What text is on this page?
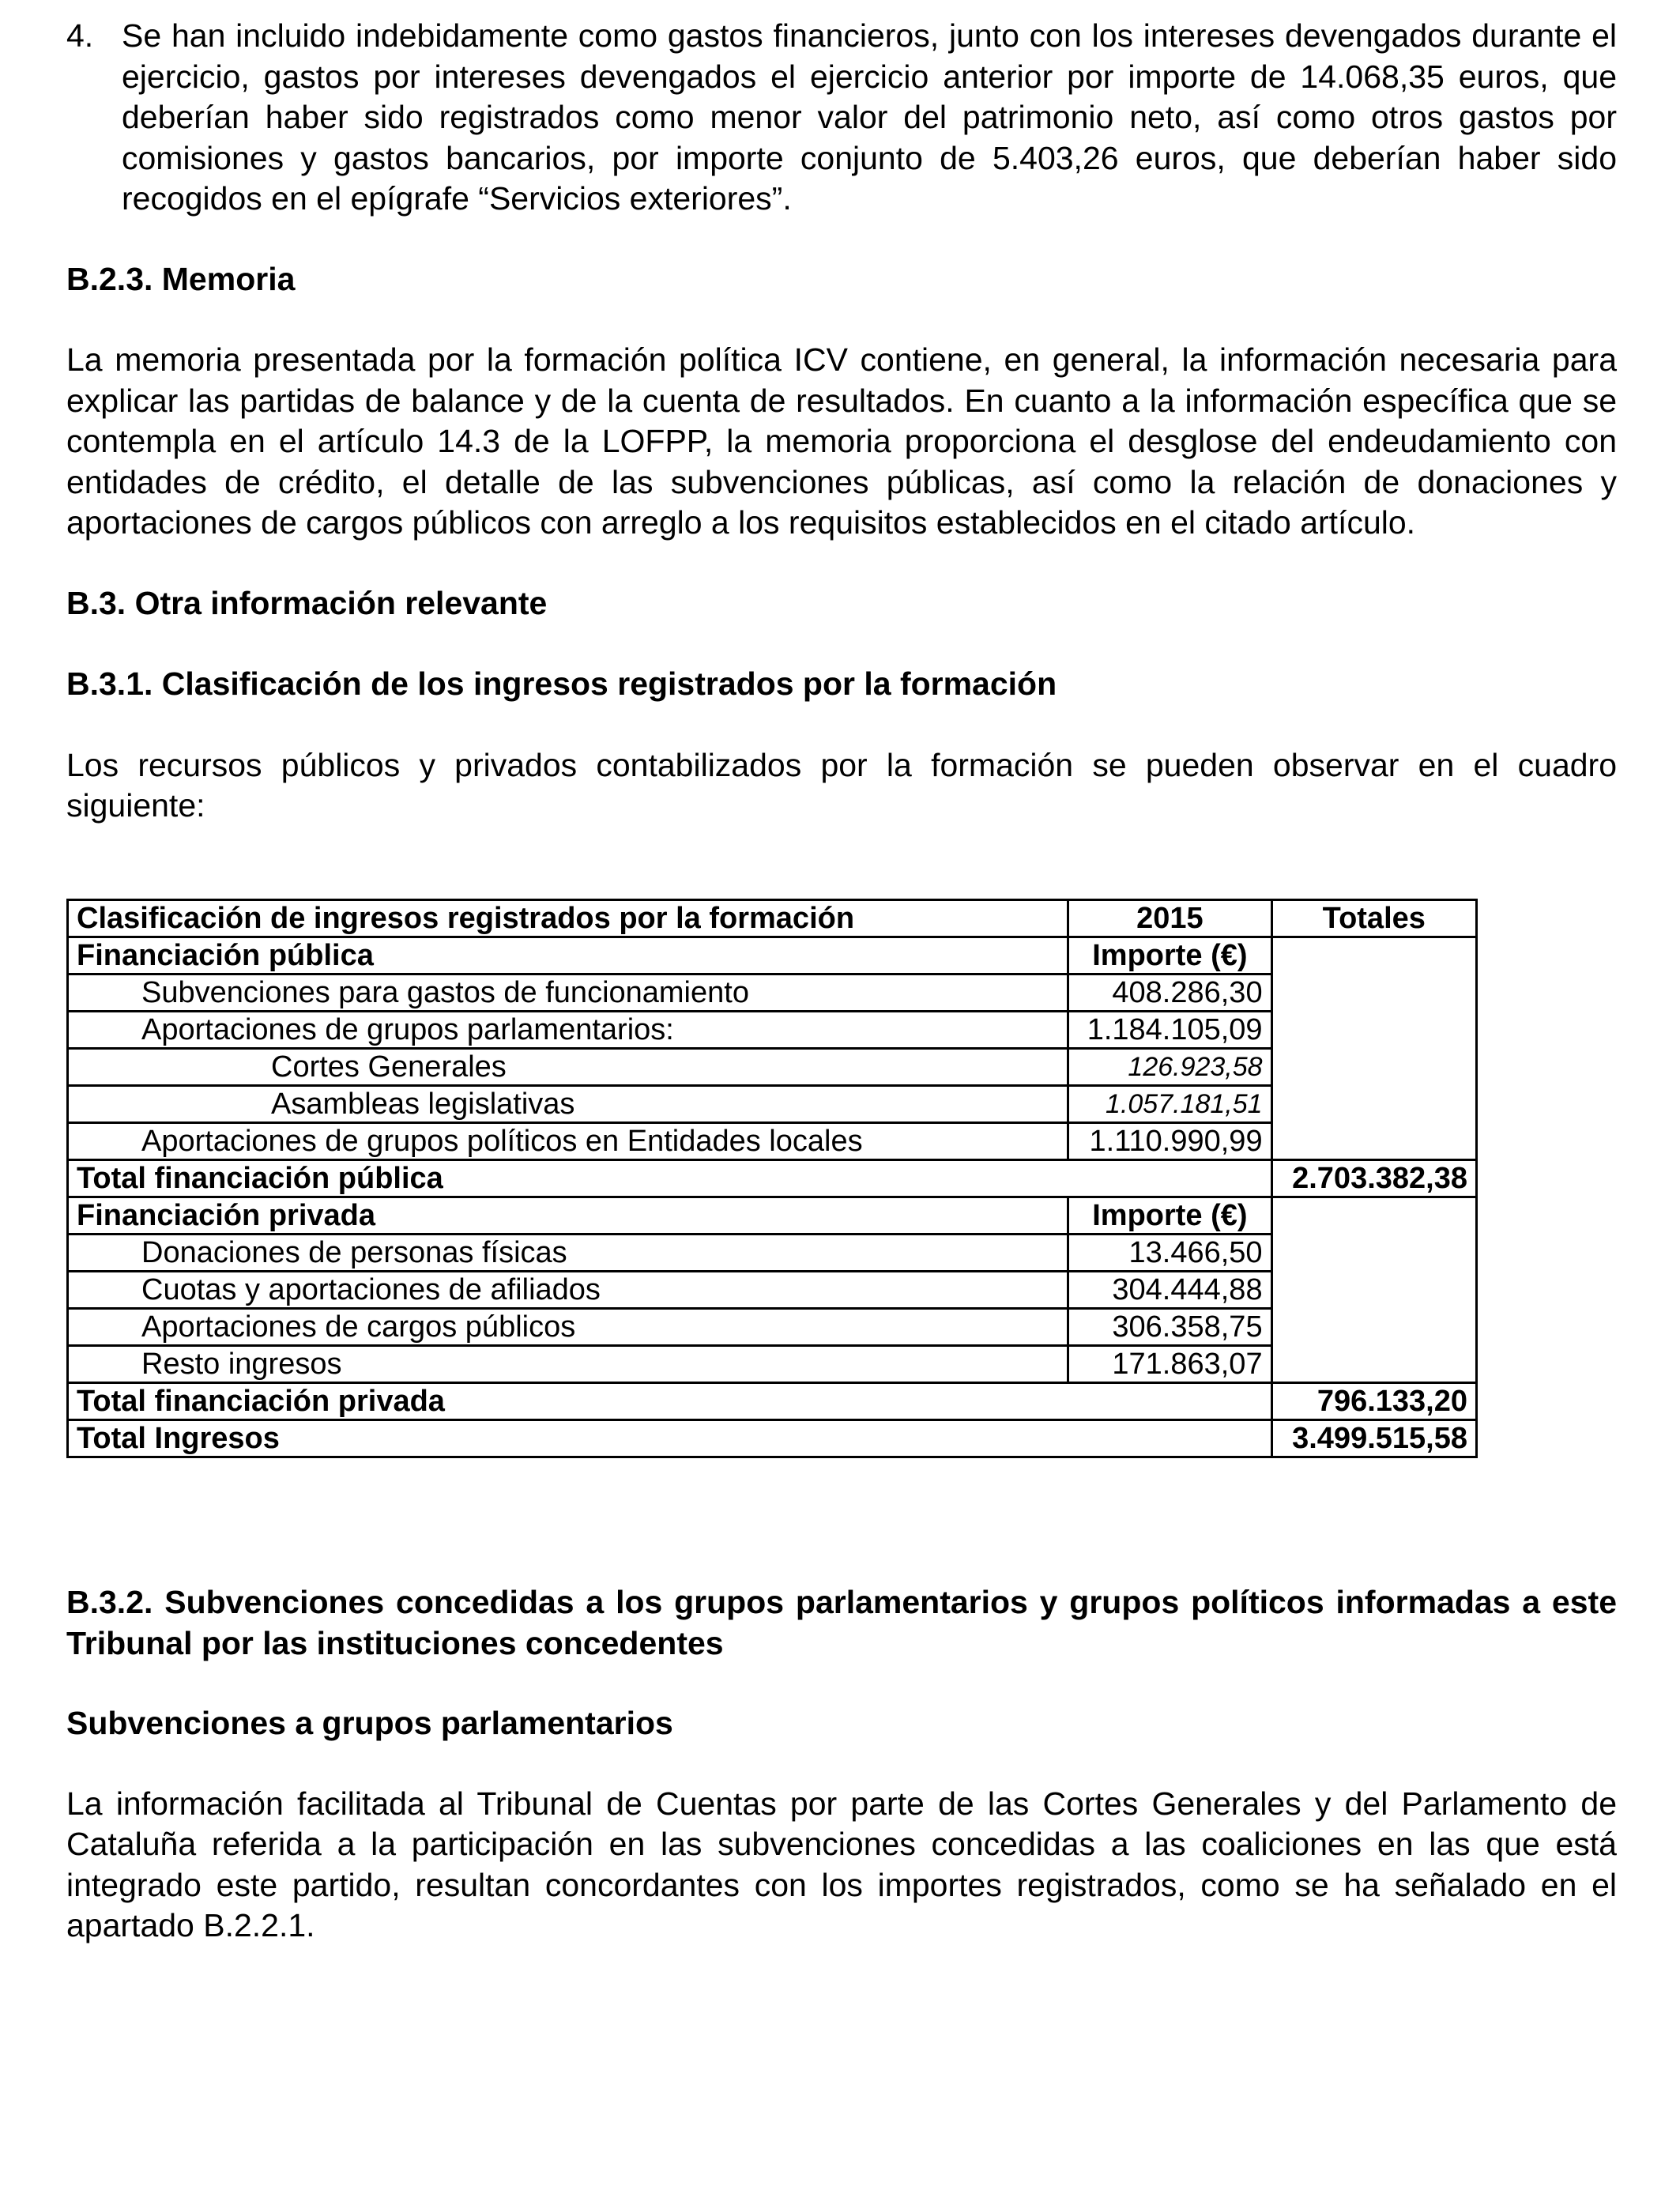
4. Se han incluido indebidamente como gastos financieros, junto con los intereses devengados durante el ejercicio, gastos por intereses devengados el ejercicio anterior por importe de 14.068,35 euros, que deberían haber sido registrados como menor valor del patrimonio neto, así como otros gastos por comisiones y gastos bancarios, por importe conjunto de 5.403,26 euros, que deberían haber sido recogidos en el epígrafe “Servicios exteriores”.

B.2.3. Memoria

La memoria presentada por la formación política ICV contiene, en general, la información necesaria para explicar las partidas de balance y de la cuenta de resultados. En cuanto a la información específica que se contempla en el artículo 14.3 de la LOFPP, la memoria proporciona el desglose del endeudamiento con entidades de crédito, el detalle de las subvenciones públicas, así como la relación de donaciones y aportaciones de cargos públicos con arreglo a los requisitos establecidos en el citado artículo.

B.3. Otra información relevante

B.3.1. Clasificación de los ingresos registrados por la formación

Los recursos públicos y privados contabilizados por la formación se pueden observar en el cuadro siguiente:

Clasificación de ingresos registrados por la formación	2015	Totales
Financiación pública	Importe (€)	
Subvenciones para gastos de funcionamiento	408.286,30	
Aportaciones de grupos parlamentarios:	1.184.105,09	
Cortes Generales	126.923,58	
Asambleas legislativas	1.057.181,51	
Aportaciones de grupos políticos en Entidades locales	1.110.990,99	
Total financiación pública		2.703.382,38
Financiación privada	Importe (€)	
Donaciones de personas físicas	13.466,50	
Cuotas y aportaciones de afiliados	304.444,88	
Aportaciones de cargos públicos	306.358,75	
Resto ingresos	171.863,07	
Total financiación privada		796.133,20
Total Ingresos		3.499.515,58

B.3.2. Subvenciones concedidas a los grupos parlamentarios y grupos políticos informadas a este Tribunal por las instituciones concedentes

Subvenciones a grupos parlamentarios

La información facilitada al Tribunal de Cuentas por parte de las Cortes Generales y del Parlamento de Cataluña referida a la participación en las subvenciones concedidas a las coaliciones en las que está integrado este partido, resultan concordantes con los importes registrados, como se ha señalado en el apartado B.2.2.1.
